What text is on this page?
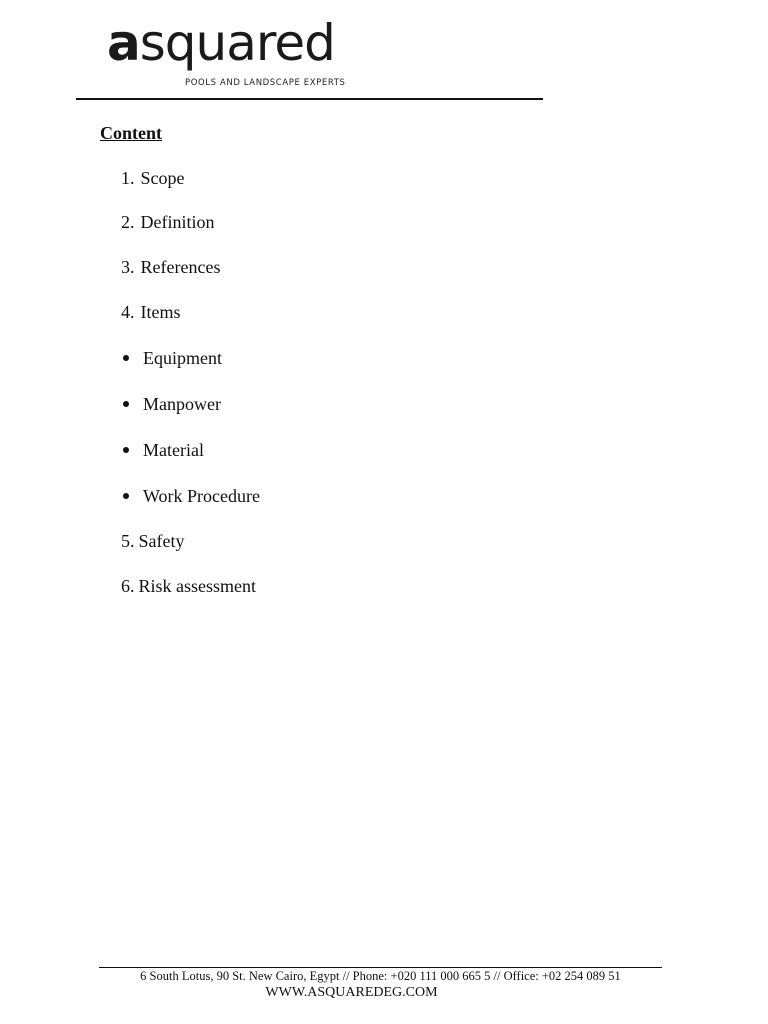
asquared
POOLS AND LANDSCAPE EXPERTS
Content
1. Scope
2. Definition
3. References
4. Items
Equipment
Manpower
Material
Work Procedure
5. Safety
6. Risk assessment
6 South Lotus, 90 St. New Cairo, Egypt // Phone: +020 111 000 665 5 // Office: +02 254 089 51
WWW.ASQUAREDEG.COM
